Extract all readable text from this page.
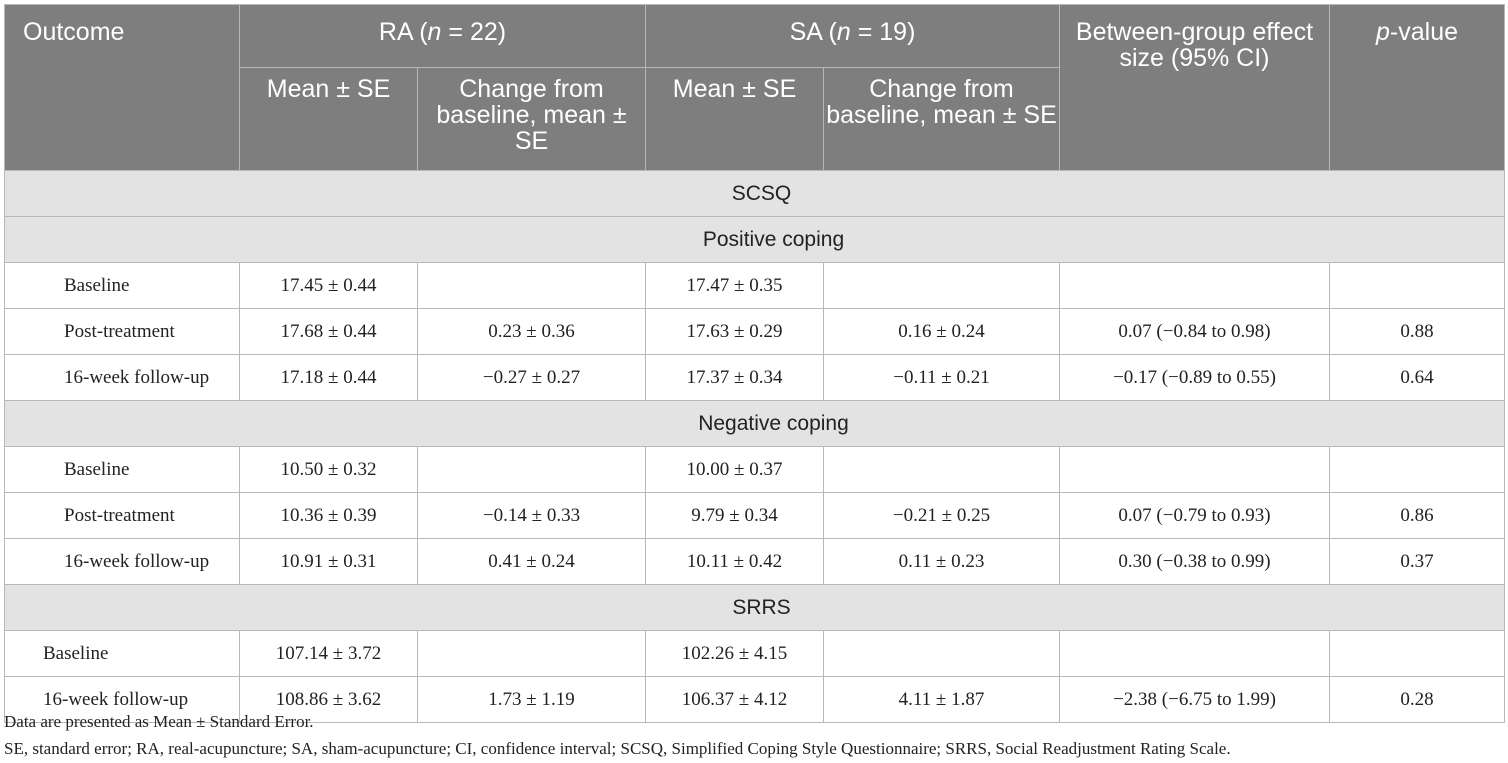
Outcome	RA (n = 22)		SA (n = 19)		Between-group effect size (95% CI)	p-value
	Mean ± SE	Change from baseline, mean ± SE	Mean ± SE	Change from baseline, mean ± SE		
SCSQ						
Positive coping						
Baseline	17.45 ± 0.44		17.47 ± 0.35			
Post-treatment	17.68 ± 0.44	0.23 ± 0.36	17.63 ± 0.29	0.16 ± 0.24	0.07 (−0.84 to 0.98)	0.88
16-week follow-up	17.18 ± 0.44	−0.27 ± 0.27	17.37 ± 0.34	−0.11 ± 0.21	−0.17 (−0.89 to 0.55)	0.64
Negative coping						
Baseline	10.50 ± 0.32		10.00 ± 0.37			
Post-treatment	10.36 ± 0.39	−0.14 ± 0.33	9.79 ± 0.34	−0.21 ± 0.25	0.07 (−0.79 to 0.93)	0.86
16-week follow-up	10.91 ± 0.31	0.41 ± 0.24	10.11 ± 0.42	0.11 ± 0.23	0.30 (−0.38 to 0.99)	0.37
SRRS						
Baseline	107.14 ± 3.72		102.26 ± 4.15			
16-week follow-up	108.86 ± 3.62	1.73 ± 1.19	106.37 ± 4.12	4.11 ± 1.87	−2.38 (−6.75 to 1.99)	0.28
Data are presented as Mean ± Standard Error.
SE, standard error; RA, real-acupuncture; SA, sham-acupuncture; CI, confidence interval; SCSQ, Simplified Coping Style Questionnaire; SRRS, Social Readjustment Rating Scale.
